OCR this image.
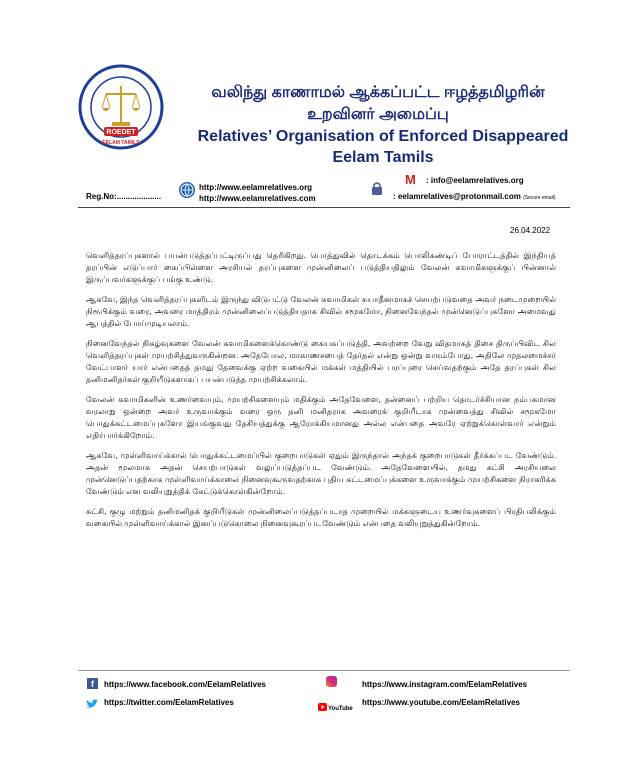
ROEDET
EELAM TAMILS
வலிந்து காணாமல் ஆக்கப்பட்ட ஈழத்தமிழரின்
உறவினர் அமைப்பு
Relatives’ Organisation of Enforced Disappeared
Eelam Tamils
Reg.No:....................
http://www.eelamrelatives.org
http://www.eelamrelatives.com
M : info@eelamrelatives.org
: eelamrelatives@protonmail.com (Secure email)
26.04.2022

வெளித்தரப்புகளால் பயன்படுத்தப்பட்டிருப்பது தெரிகிறது. பொத்துவில் தொடக்கம் பொலிகண்டிப் போராட்டத்தில் இந்தியத் தரப்பின் எடுப்பார் கைப்பிள்ளை அரசியல் தரப்புகளை முன்னிலைப் படுத்தியதிலும் வேலன் சுவாமிகளுக்குப் பின்னால் இருப்பவர்களுக்குப் பங்கு உண்டு.

ஆகவே, இந்த வெளித்தரப்புகளிடம் இருந்து விடுபட்டு வேலன் சுவாமிகள் சுயாதீனமாகச் செயற்படுவதை அவர் நடைமுறையில் நிரூபிக்கும் வரை, அவரை மாத்திரம் முன்னிலைப்படுத்தியதாக சிவில் சமூகமோ, நினைவேந்தல் முன்னெடுப்புகளோ அமைவது ஆபத்தில் போய்முடியலாம்.

நினைவேந்தல் நிகழ்வுகளை வேலன் சுவாமிகளைக்கொண்டு கையகப்படுத்தி, அவற்றை வேறு விதமாகத் திசை திருப்பிவிட சில வெளித்தரப்புகள் முயற்சித்துவருகின்றன. அதேபோல, மாகாணசபைத் தேர்தல் என்று ஒன்று வரும்போது, அதிலே முதலமைச்சர் வேட்பாளர் யார் என்பதைத் தமது தேவைக்கு ஏற்ற வகையில் மக்கள் மத்தியில் பரப்புரை செய்வதற்கும் அதே தரப்புகள் சில தனிமனிதர்கள் குறியீடுகளாகப் பயன்படுத்த முயற்சிக்கலாம்.

வேலன் சுவாமிகளின் உணர்வையும், முயற்சிகளையும் மதிக்கும் அதேவேளை, தன்னைப் பற்றிய தொடர்ச்சியான நம்பகமான வரலாறு ஒன்றை அவர் உருவாக்கும் வரை ஒரு தனி மனிதராக அவரைக் குறியீடாக முன்வைத்து சிவில் சமூகமோ பொதுக்கட்டமைப்புகளோ இயங்குவது தேசியத்துக்கு ஆரோக்கியமானது அல்ல என்பதை அவரே ஏற்றுக்கொள்வார் என்றும் எதிர்பார்க்கிறோம்.

ஆகவே, முள்ளிவாய்க்கால் பொதுக்கட்டமைப்பில் குறைபாடுகள் ஏதும் இருந்தால் அந்தக் குறைபாடுகள் தீர்க்கப்பட வேண்டும். அதன் மூலமாக அதன் செயற்பாடுகள் வலுப்படுத்தப்பட வேண்டும். அதேவேளையில், தமது கட்சி அரசியலை முன்னெடுப்பதற்காக முள்ளிவாய்க்காலை நினைவுகூருவதற்காக புதிய கட்டமைப்புக்களை உருவாக்கும் முயற்சிகளை நிராகரிக்க வேண்டும் என வலியுறுத்திக் கேட்டுக்கொள்கின்றோம்.

கட்சி, குழு மற்றும் தனிமனிதக் குறியீடுகள் முன்னிலைப்படுத்தப்படாத முறையில் மக்களுடைய உணர்வுகளைப் பிரதிபலிக்கும் வகையில் முள்ளிவாய்க்கால் இனப்படுகொலை நினைவுகூரப்படவேண்டும் என்பதை வலியுறுத்துகின்றோம்.

f	https://www.facebook.com/EelamRelatives
https://twitter.com/EelamRelatives
https://www.instagram.com/EelamRelatives
YouTube
https://www.youtube.com/EelamRelatives
